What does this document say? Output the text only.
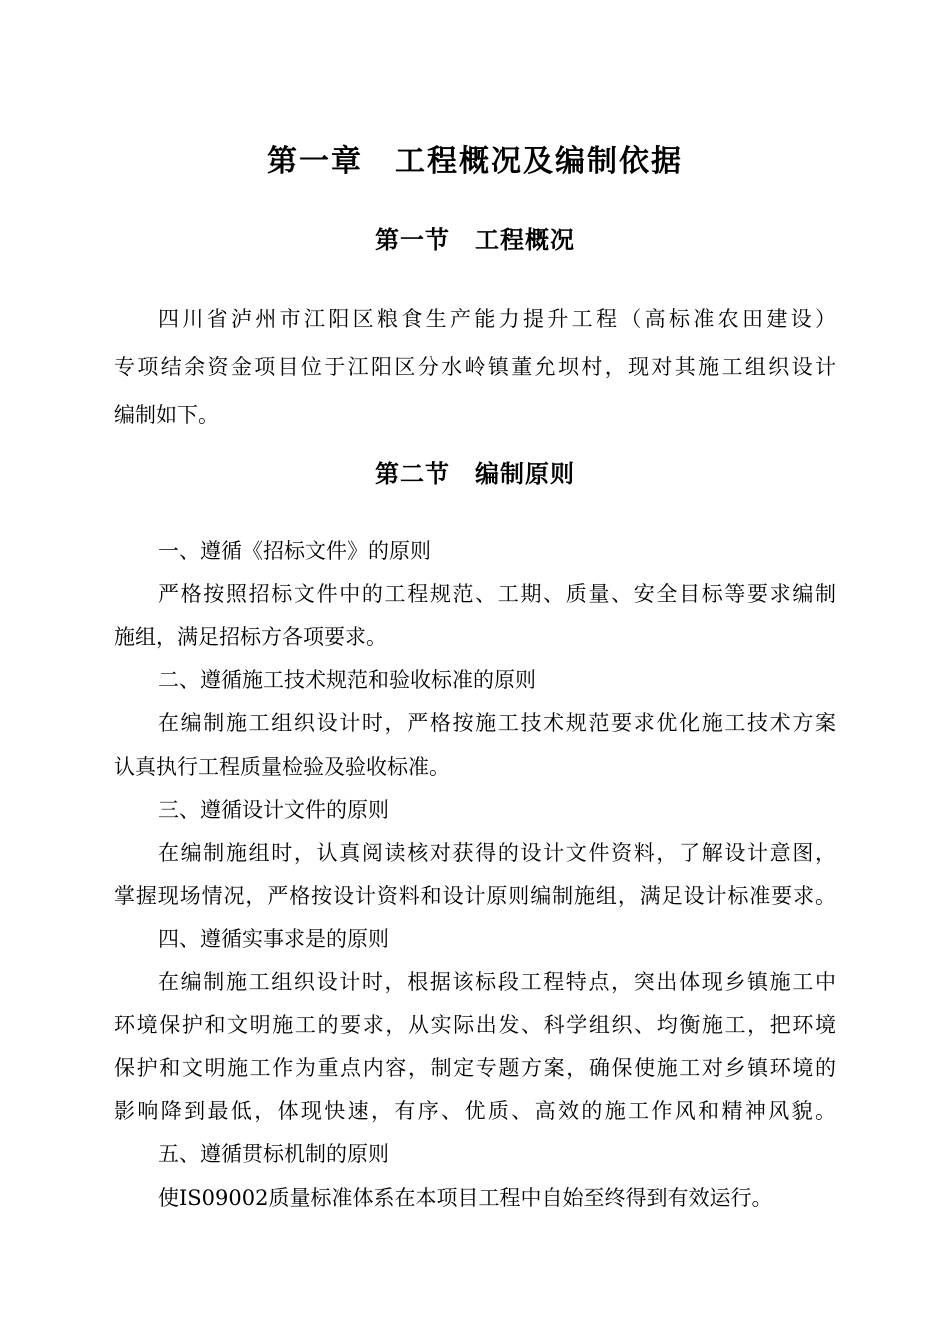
第一章　工程概况及编制依据
第一节　工程概况
四川省泸州市江阳区粮食生产能力提升工程（高标准农田建设）
专项结余资金项目位于江阳区分水岭镇董允坝村，现对其施工组织设计
编制如下。
第二节　编制原则
一、遵循《招标文件》的原则
严格按照招标文件中的工程规范、工期、质量、安全目标等要求编制
施组，满足招标方各项要求。
二、遵循施工技术规范和验收标准的原则
在编制施工组织设计时，严格按施工技术规范要求优化施工技术方案
认真执行工程质量检验及验收标准。
三、遵循设计文件的原则
在编制施组时，认真阅读核对获得的设计文件资料，了解设计意图，
掌握现场情况，严格按设计资料和设计原则编制施组，满足设计标准要求。
四、遵循实事求是的原则
在编制施工组织设计时，根据该标段工程特点，突出体现乡镇施工中
环境保护和文明施工的要求，从实际出发、科学组织、均衡施工，把环境
保护和文明施工作为重点内容，制定专题方案，确保使施工对乡镇环境的
影响降到最低，体现快速，有序、优质、高效的施工作风和精神风貌。
五、遵循贯标机制的原则
使IS09002质量标准体系在本项目工程中自始至终得到有效运行。
